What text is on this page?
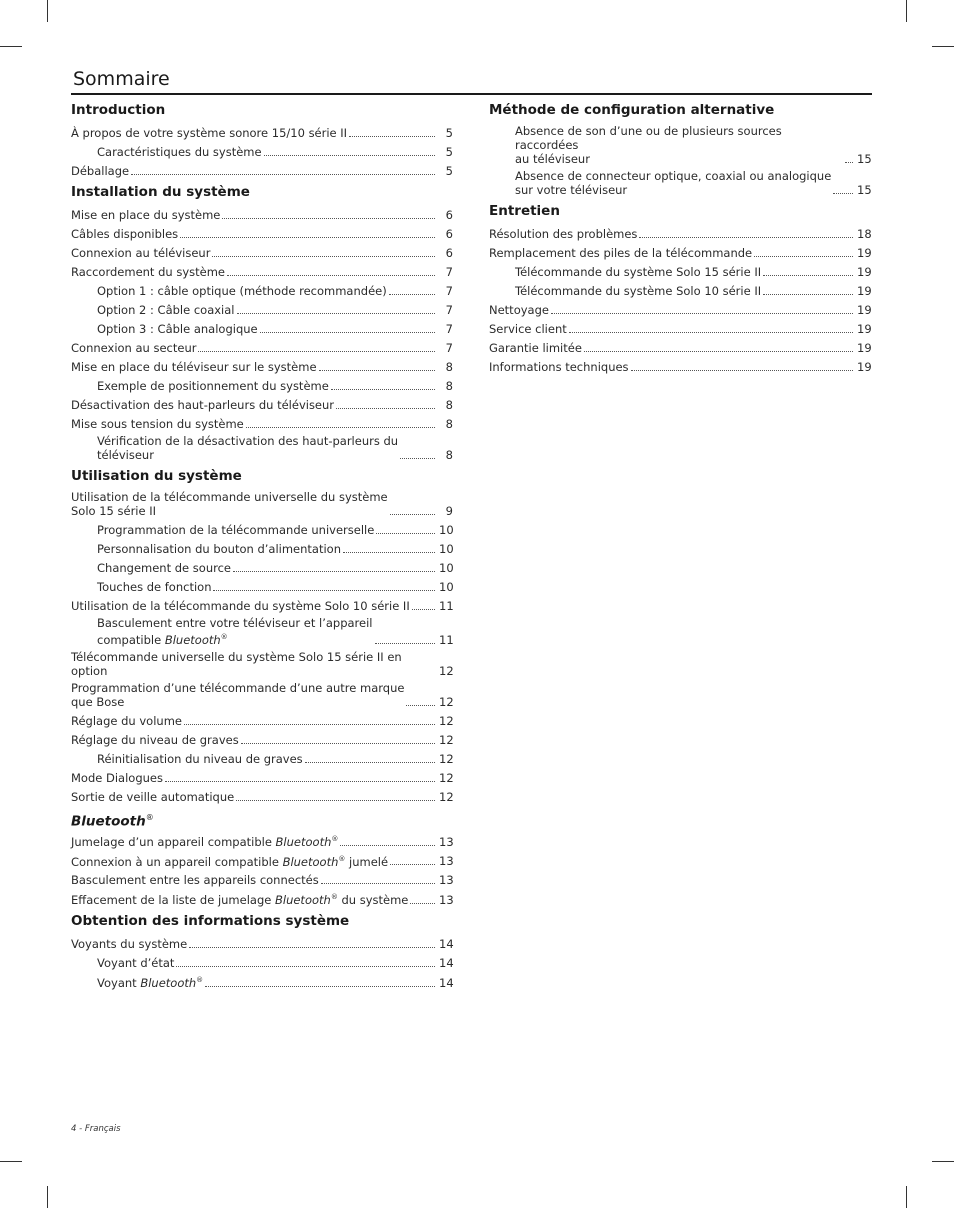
Sommaire
Introduction
À propos de votre système sonore 15/10 série II	5
Caractéristiques du système	5
Déballage	5
Installation du système
Mise en place du système	6
Câbles disponibles	6
Connexion au téléviseur	6
Raccordement du système	7
Option 1 : câble optique (méthode recommandée)	7
Option 2 : Câble coaxial	7
Option 3 : Câble analogique	7
Connexion au secteur	7
Mise en place du téléviseur sur le système	8
Exemple de positionnement du système	8
Désactivation des haut-parleurs du téléviseur	8
Mise sous tension du système	8
Vérification de la désactivation des haut-parleurs du
téléviseur	8
Utilisation du système
Utilisation de la télécommande universelle du système
Solo 15 série II	9
Programmation de la télécommande universelle	10
Personnalisation du bouton d’alimentation	10
Changement de source	10
Touches de fonction	10
Utilisation de la télécommande du système Solo 10 série II	11
Basculement entre votre téléviseur et l’appareil
compatible Bluetooth®	11
Télécommande universelle du système Solo 15 série II en option	12
Programmation d’une télécommande d’une autre marque
que Bose	12
Réglage du volume	12
Réglage du niveau de graves	12
Réinitialisation du niveau de graves	12
Mode Dialogues	12
Sortie de veille automatique	12
Bluetooth®
Jumelage d’un appareil compatible Bluetooth®	13
Connexion à un appareil compatible Bluetooth® jumelé	13
Basculement entre les appareils connectés	13
Effacement de la liste de jumelage Bluetooth® du système	13
Obtention des informations système
Voyants du système	14
Voyant d’état	14
Voyant Bluetooth®	14
Méthode de configuration alternative
Absence de son d’une ou de plusieurs sources raccordées
au téléviseur	15
Absence de connecteur optique, coaxial ou analogique
sur votre téléviseur	15
Entretien
Résolution des problèmes	18
Remplacement des piles de la télécommande	19
Télécommande du système Solo 15 série II	19
Télécommande du système Solo 10 série II	19
Nettoyage	19
Service client	19
Garantie limitée	19
Informations techniques	19
4 - Français
